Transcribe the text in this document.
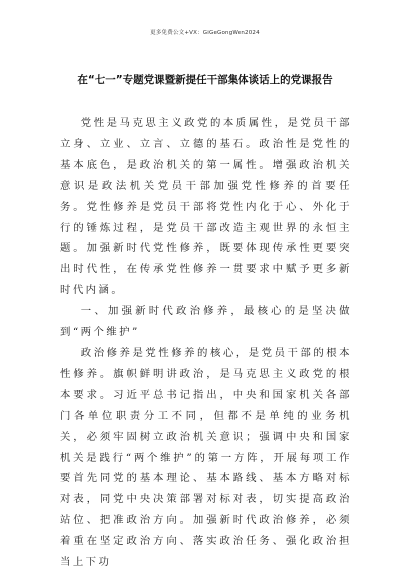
更多免费公文+VX：GiGeGongWen2024
在“七一”专题党课暨新提任干部集体谈话上的党课报告

党性是马克思主义政党的本质属性，是党员干部立身、立业、立言、立德的基石。政治性是党性的基本底色，是政治机关的第一属性。增强政治机关意识是政法机关党员干部加强党性修养的首要任务。党性修养是党员干部将党性内化于心、外化于行的锤炼过程，是党员干部改造主观世界的永恒主题。加强新时代党性修养，既要体现传承性更要突出时代性，在传承党性修养一贯要求中赋予更多新时代内涵。

一、加强新时代政治修养，最核心的是坚决做到“两个维护”

政治修养是党性修养的核心，是党员干部的根本性修养。旗帜鲜明讲政治，是马克思主义政党的根本要求。习近平总书记指出，中央和国家机关各部门各单位职责分工不同，但都不是单纯的业务机关，必须牢固树立政治机关意识；强调中央和国家机关是践行“两个维护”的第一方阵，开展每项工作要首先同党的基本理论、基本路线、基本方略对标对表，同党中央决策部署对标对表，切实提高政治站位、把准政治方向。加强新时代政治修养，必须着重在坚定政治方向、落实政治任务、强化政治担当上下功
